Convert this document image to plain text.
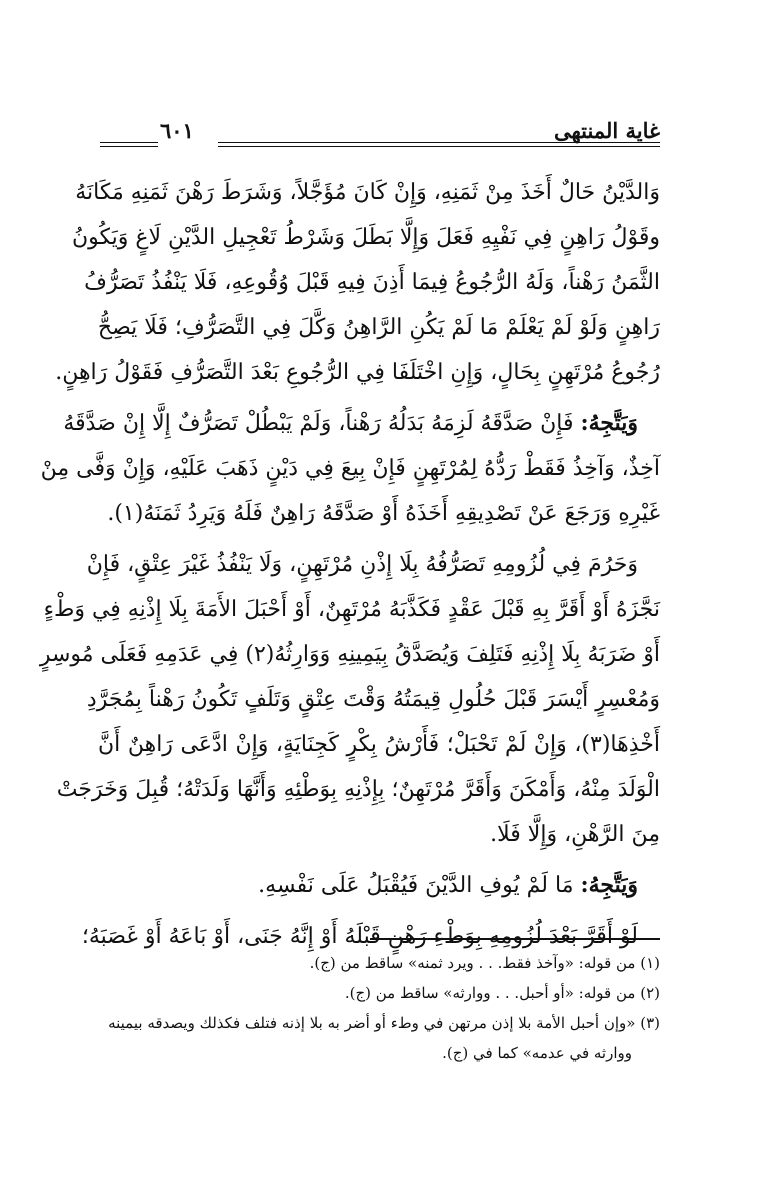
غاية المنتهى
٦٠١
وَالدَّيْنُ حَالٌ أَخَذَ مِنْ ثَمَنِهِ، وَإِنْ كَانَ مُؤَجَّلاً، وَشَرَطَ رَهْنَ ثَمَنِهِ مَكَانَهُ
وقَوْلُ رَاهِنٍ فِي نَفْيِهِ فَعَلَ وَإِلَّا بَطَلَ وَشَرْطُ تَعْجِيلِ الدَّيْنِ لَاغٍ وَيَكُونُ
الثَّمَنُ رَهْناً، وَلَهُ الرُّجُوعُ فِيمَا أَذِنَ فِيهِ قَبْلَ وُقُوعِهِ، فَلَا يَنْفُذُ تَصَرُّفُ
رَاهِنٍ وَلَوْ لَمْ يَعْلَمْ مَا لَمْ يَكُنِ الرَّاهِنُ وَكَّلَ فِي التَّصَرُّفِ؛ فَلَا يَصِحُّ
رُجُوعُ مُرْتَهِنٍ بِحَالٍ، وَإِنِ اخْتَلَفَا فِي الرُّجُوعِ بَعْدَ التَّصَرُّفِ فَقَوْلُ رَاهِنٍ.
وَيَتَّجِهُ: فَإِنْ صَدَّقَهُ لَزِمَهُ بَدَلُهُ رَهْناً، وَلَمْ يَبْطُلْ تَصَرُّفٌ إِلَّا إِنْ صَدَّقَهُ
آخِذٌ، وَآخِذُ فَقَطْ رَدُّهُ لِمُرْتَهِنٍ فَإِنْ بِيعَ فِي دَيْنٍ ذَهَبَ عَلَيْهِ، وَإِنْ وَفَّى مِنْ
غَيْرِهِ وَرَجَعَ عَنْ تَصْدِيقِهِ أَخَذَهُ أَوْ صَدَّقَهُ رَاهِنٌ فَلَهُ وَيَرِدُ ثَمَنَهُ(١).
وَحَرُمَ فِي لُزُومِهِ تَصَرُّفُهُ بِلَا إِذْنِ مُرْتَهِنٍ، وَلَا يَنْفُذُ غَيْرَ عِتْقٍ، فَإِنْ
نَجَّزَهُ أَوْ أَقَرَّ بِهِ قَبْلَ عَقْدٍ فَكَذَّبَهُ مُرْتَهِنٌ، أَوْ أَحْبَلَ الأَمَةَ بِلَا إِذْنِهِ فِي وَطْءٍ
أَوْ ضَرَبَهُ بِلَا إِذْنِهِ فَتَلِفَ وَيُصَدَّقُ بِيَمِينِهِ وَوَارِثُهُ(٢) فِي عَدَمِهِ فَعَلَى مُوسِرٍ
وَمُعْسِرٍ أَيْسَرَ قَبْلَ حُلُولِ قِيمَتُهُ وَقْتَ عِتْقٍ وَتَلَفٍ تَكُونُ رَهْناً بِمُجَرَّدِ
أَخْذِهَا(٣)، وَإِنْ لَمْ تَحْبَلْ؛ فَأَرْشُ بِكْرٍ كَجِنَايَةٍ، وَإِنْ ادَّعَى رَاهِنٌ أَنَّ
الْوَلَدَ مِنْهُ، وَأَمْكَنَ وَأَقَرَّ مُرْتَهِنٌ؛ بِإِذْنِهِ بِوَطْئِهِ وَأَنَّهَا وَلَدَتْهُ؛ قُبِلَ وَخَرَجَتْ
مِنَ الرَّهْنِ، وَإِلَّا فَلَا.
وَيَتَّجِهُ: مَا لَمْ يُوفِ الدَّيْنَ فَيُقْبَلُ عَلَى نَفْسِهِ.
لَوْ أَقَرَّ بَعْدَ لُزُومِهِ بِوَطْءِ رَهْنٍ قَبْلَهُ أَوْ إِنَّهُ جَنَى، أَوْ بَاعَهُ أَوْ غَصَبَهُ؛
(١) من قوله: «وآخذ فقط. . . ويرد ثمنه» ساقط من (ج).
(٢) من قوله: «أو أحبل. . . ووارثه» ساقط من (ج).
(٣) «وإن أحبل الأمة بلا إذن مرتهن في وطء أو أضر به بلا إذنه فتلف فكذلك ويصدقه بيمينه
ووارثه في عدمه» كما في (ج).
